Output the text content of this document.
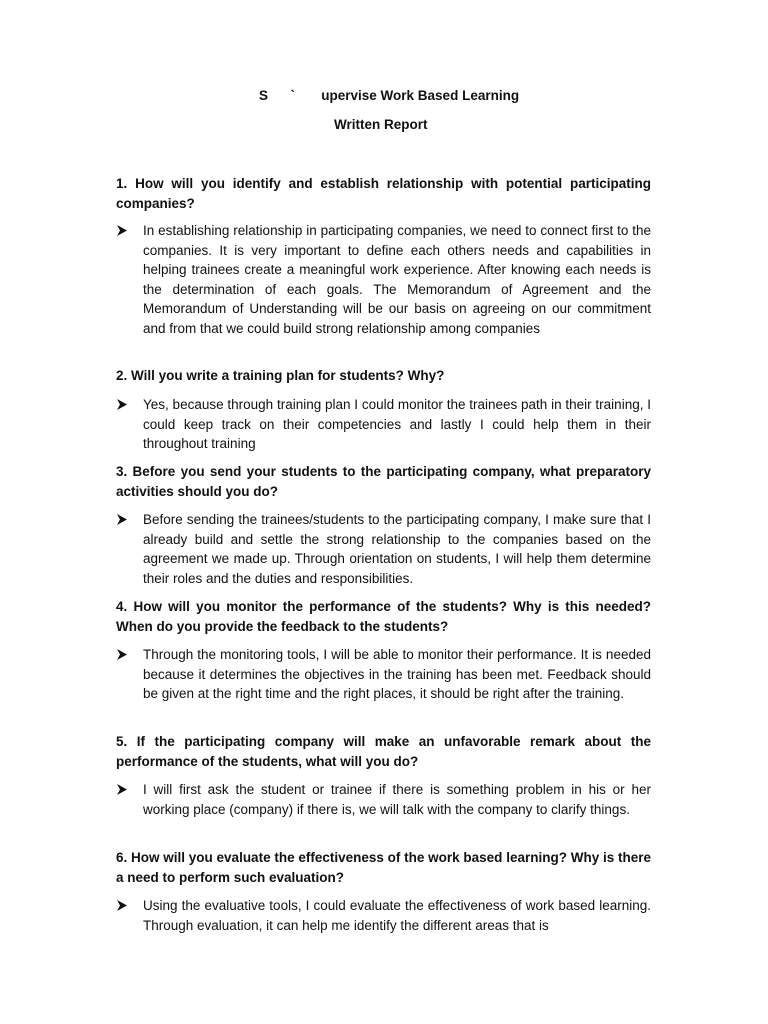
S      `       upervise Work Based Learning
Written Report

1. How will you identify and establish relationship with potential participating companies?

In establishing relationship in participating companies, we need to connect first to the companies. It is very important to define each others needs and capabilities in helping trainees create a meaningful work experience. After knowing each needs is the determination of each goals. The Memorandum of Agreement and the Memorandum of Understanding will be our basis on agreeing on our commitment and from that we could build strong relationship among companies

2. Will you write a training plan for students? Why?

Yes, because through training plan I could monitor the trainees path in their training, I could keep track on their competencies and lastly I could help them in their throughout training

3. Before you send your students to the participating company, what preparatory activities should you do?

Before sending the trainees/students to the participating company, I make sure that I already build and settle the strong relationship to the companies based on the agreement we made up. Through orientation on students, I will help them determine their roles and the duties and responsibilities.

4. How will you monitor the performance of the students? Why is this needed? When do you provide the feedback to the students?

Through the monitoring tools, I will be able to monitor their performance. It is needed because it determines the objectives in the training has been met. Feedback should be given at the right time and the right places, it should be right after the training.

5. If the participating company will make an unfavorable remark about the performance of the students, what will you do?

I will first ask the student or trainee if there is something problem in his or her working place (company) if there is, we will talk with the company to clarify things.

6. How will you evaluate the effectiveness of the work based learning? Why is there a need to perform such evaluation?

Using the evaluative tools, I could evaluate the effectiveness of work based learning. Through evaluation, it can help me identify the different areas that is
